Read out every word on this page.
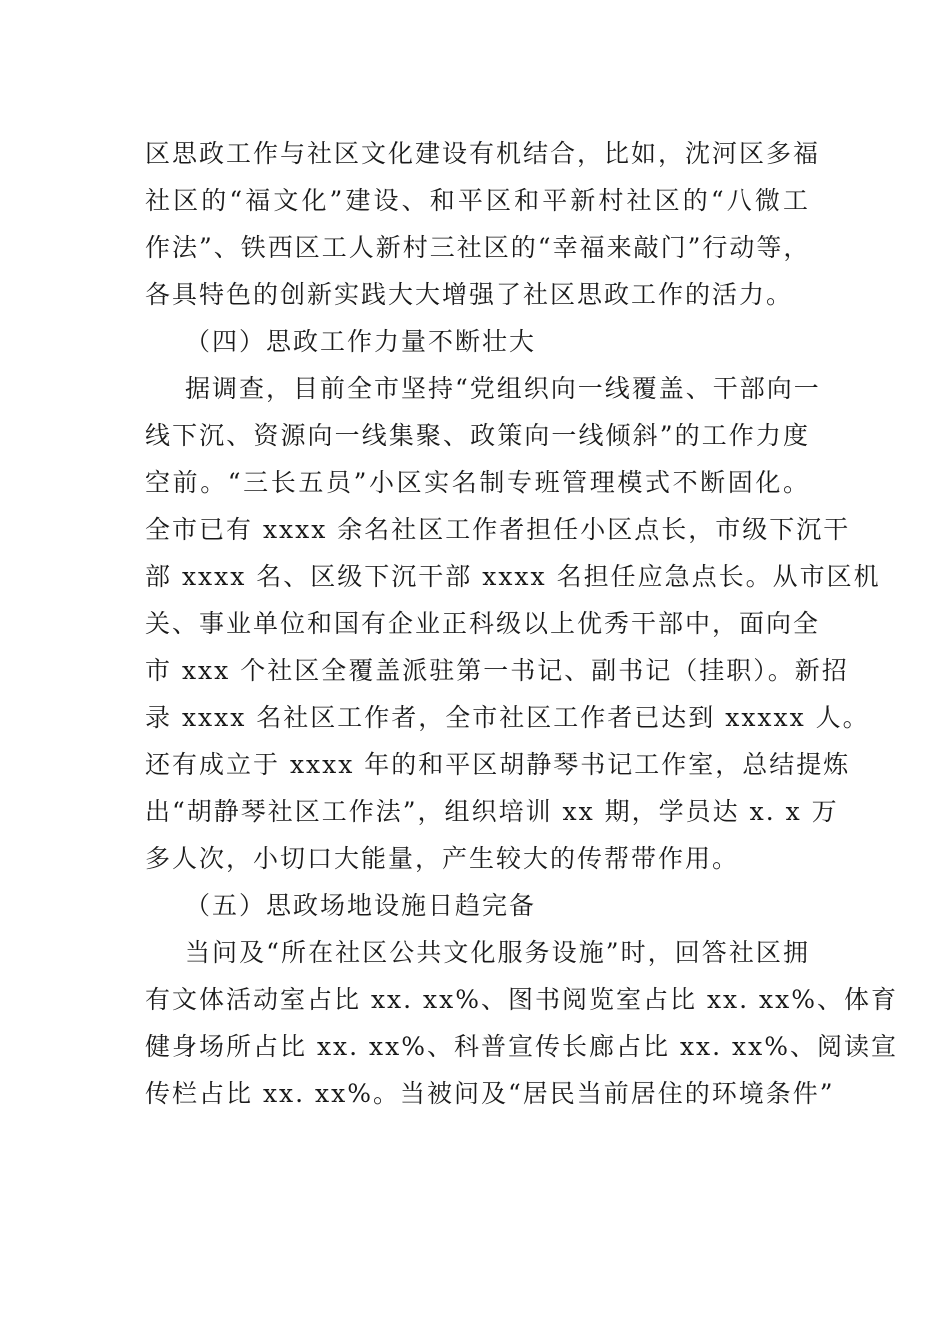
区思政工作与社区文化建设有机结合，比如，沈河区多福
社区的“福文化”建设、和平区和平新村社区的“八微工
作法”、铁西区工人新村三社区的“幸福来敲门”行动等，
各具特色的创新实践大大增强了社区思政工作的活力。
（四）思政工作力量不断壮大
据调查，目前全市坚持“党组织向一线覆盖、干部向一
线下沉、资源向一线集聚、政策向一线倾斜”的工作力度
空前。“三长五员”小区实名制专班管理模式不断固化。
全市已有 xxxx 余名社区工作者担任小区点长，市级下沉干
部 xxxx 名、区级下沉干部 xxxx 名担任应急点长。从市区机
关、事业单位和国有企业正科级以上优秀干部中，面向全
市 xxx 个社区全覆盖派驻第一书记、副书记（挂职）。新招
录 xxxx 名社区工作者，全市社区工作者已达到 xxxxx 人。
还有成立于 xxxx 年的和平区胡静琴书记工作室，总结提炼
出“胡静琴社区工作法”，组织培训 xx 期，学员达 x. x 万
多人次，小切口大能量，产生较大的传帮带作用。
（五）思政场地设施日趋完备
当问及“所在社区公共文化服务设施”时，回答社区拥
有文体活动室占比 xx. xx%、图书阅览室占比 xx. xx%、体育
健身场所占比 xx. xx%、科普宣传长廊占比 xx. xx%、阅读宣
传栏占比 xx. xx%。当被问及“居民当前居住的环境条件”
